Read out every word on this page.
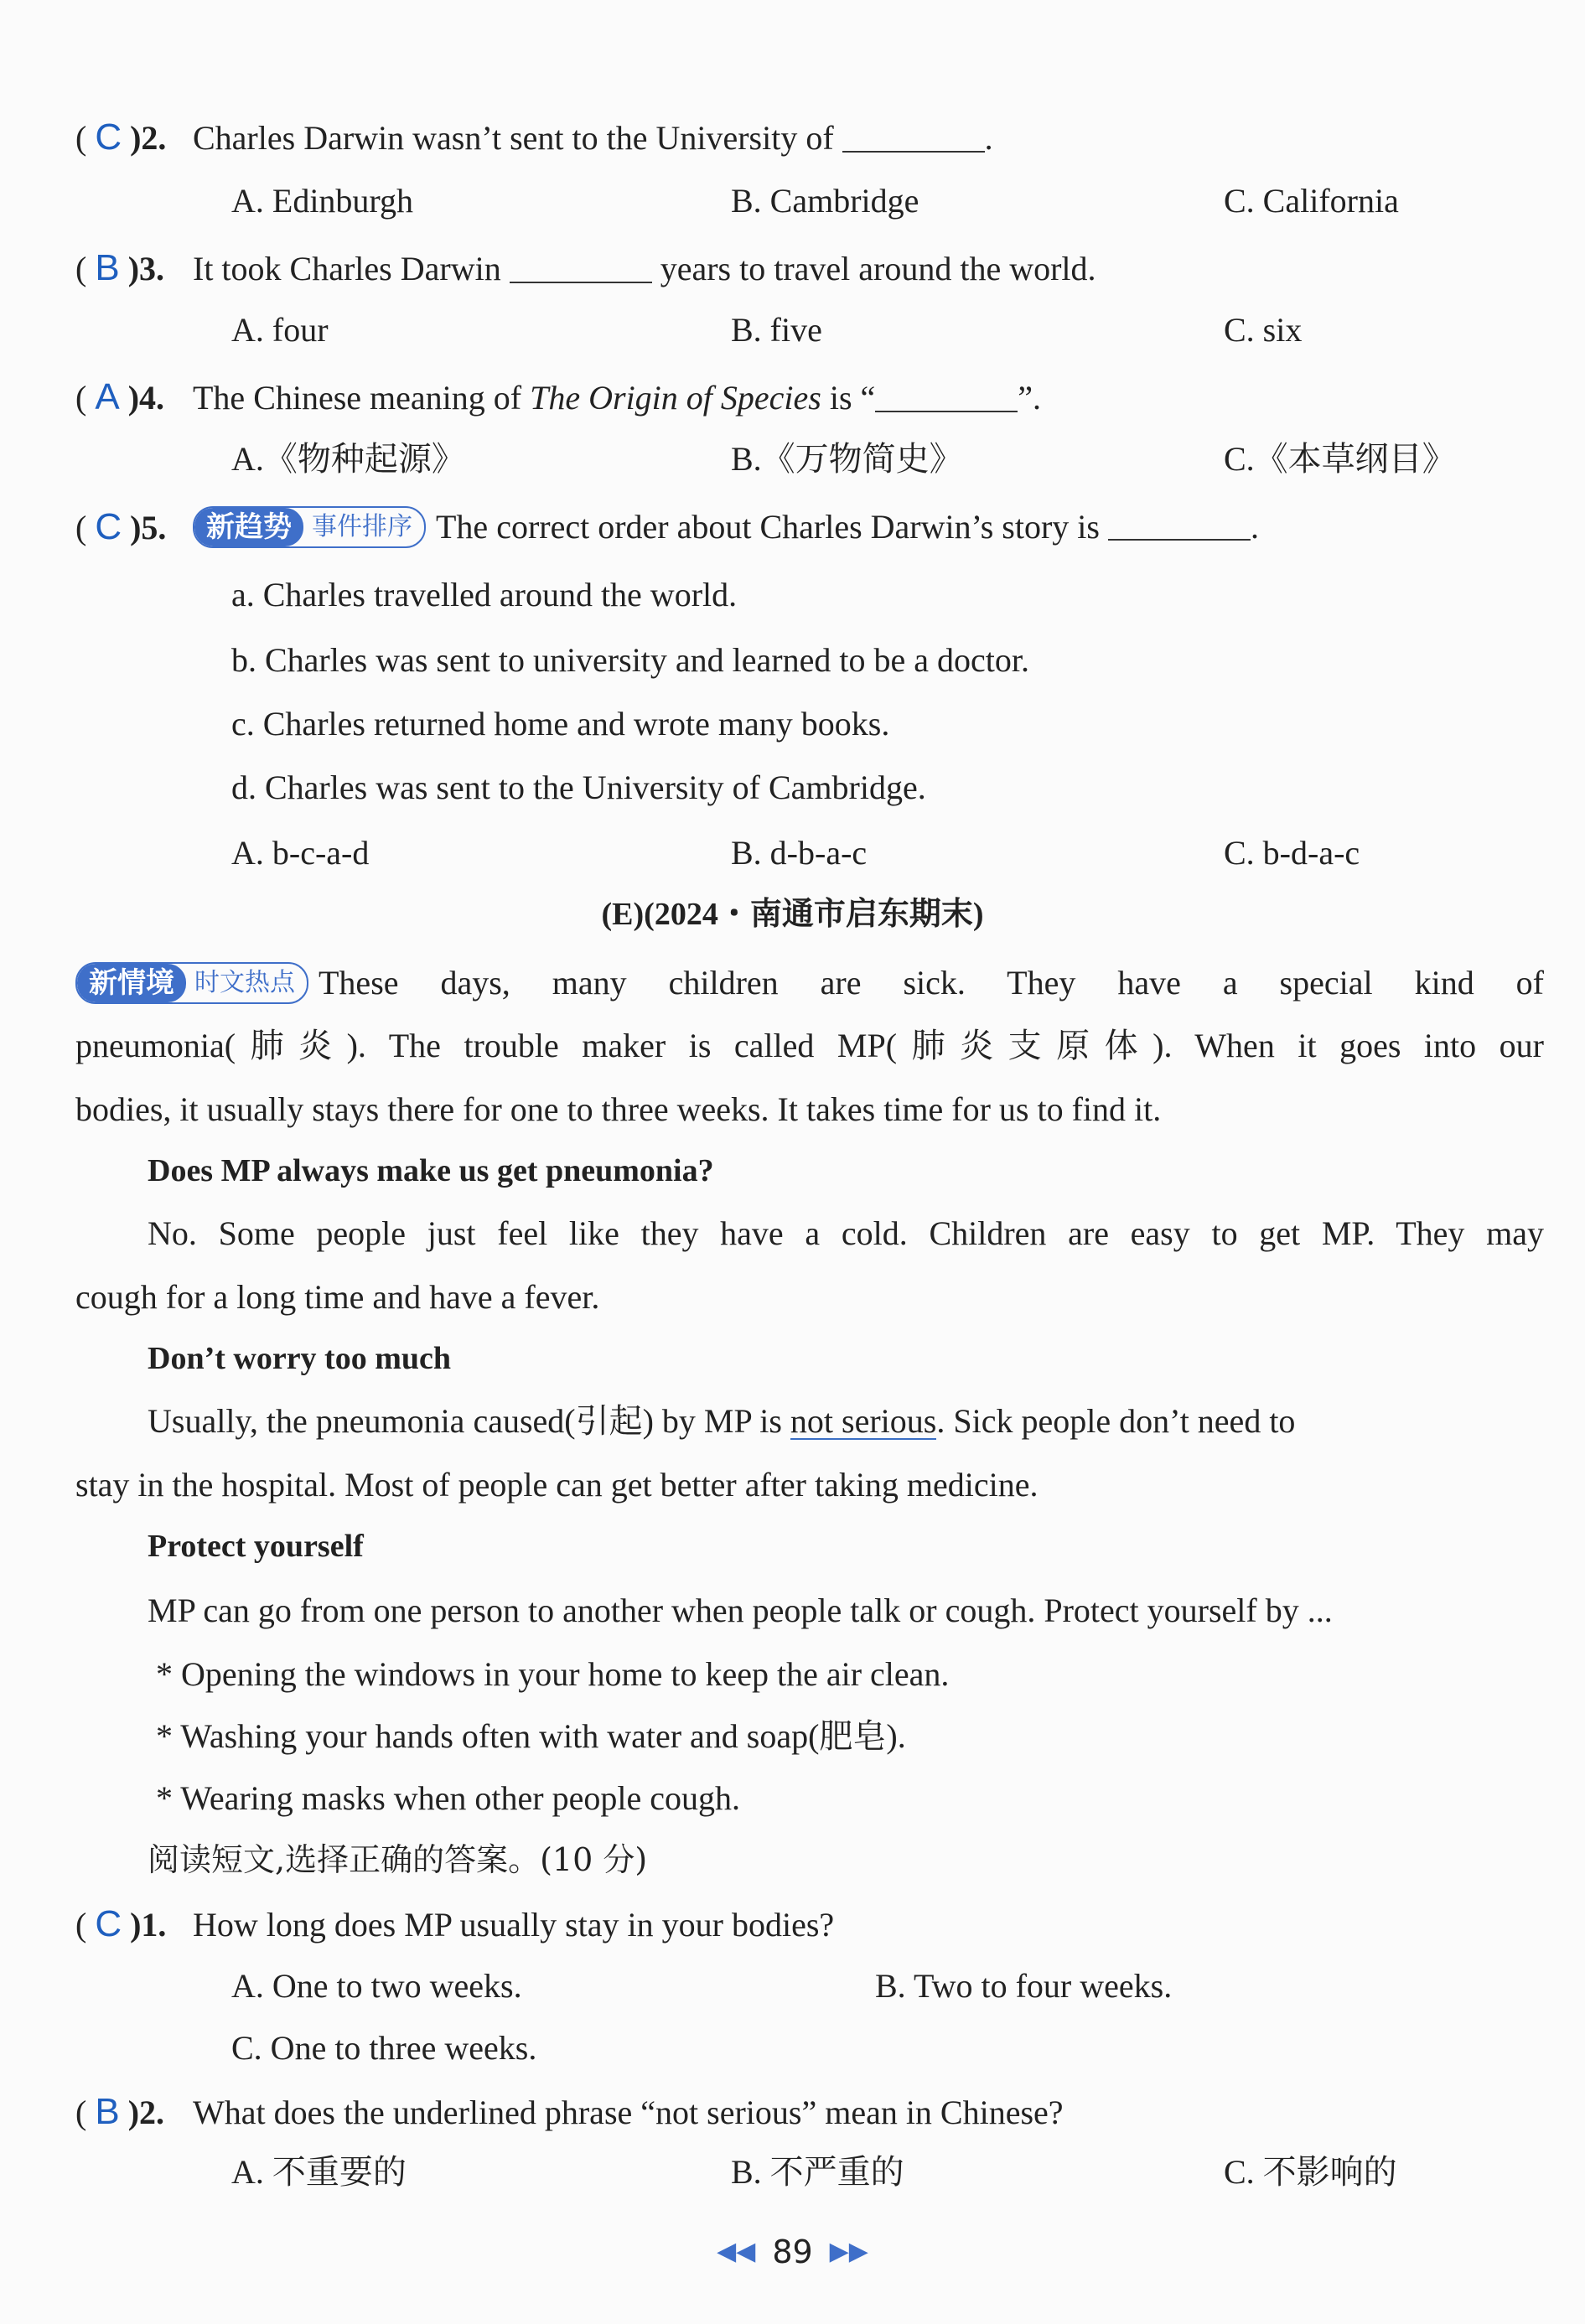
( C )2. Charles Darwin wasn’t sent to the University of	.
A. Edinburgh	B. Cambridge	C. California
( B )3. It took Charles Darwin	years to travel around the world.
A. four	B. five	C. six
( A )4. The Chinese meaning of The Origin of Species is “	”.
A.《物种起源》	B.《万物简史》	C.《本草纲目》
( C )5.	新趋势 事件排序 The correct order about Charles Darwin’s story is
	.
a. Charles travelled around the world.
b. Charles was sent to university and learned to be a doctor.
c. Charles returned home and wrote many books.
d. Charles was sent to the University of Cambridge.
A. b-c-a-d	B. d-b-a-c	C. b-d-a-c
(E)(2024・南通市启东期末)
新情境 时文热点 These days, many children are sick. They have a special kind of
pneumonia(肺炎). The trouble maker is called MP(肺炎支原体). When it goes into our
bodies, it usually stays there for one to three weeks. It takes time for us to find it.
Does MP always make us get pneumonia?
No. Some people just feel like they have a cold. Children are easy to get MP. They may
cough for a long time and have a fever.
Don’t worry too much
Usually, the pneumonia caused(引起) by MP is
not serious . Sick people don’t need to
stay in the hospital. Most of people can get better after taking medicine.
Protect yourself
MP can go from one person to another when people talk or cough. Protect yourself by ...
* Opening the windows in your home to keep the air clean.
* Washing your hands often with water and soap(肥皂).
* Wearing masks when other people cough.
阅读短文,选择正确的答案。(10 分)
( C )1. How long does MP usually stay in your bodies?
A. One to two weeks.	B. Two to four weeks.
C. One to three weeks.
( B )2. What does the underlined phrase “not serious” mean in Chinese?
A. 不重要的	B. 不严重的	C. 不影响的
◀◀ 89 ▶▶
